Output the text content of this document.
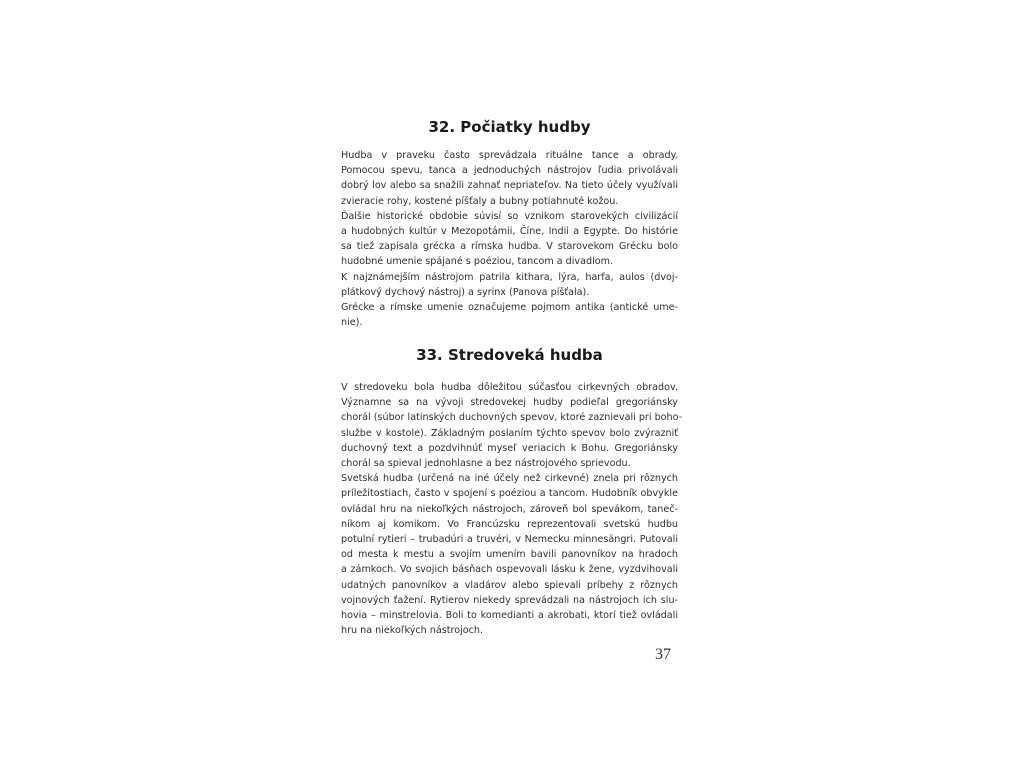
32. Počiatky hudby
Hudba v praveku často sprevádzala rituálne tance a obrady.
Pomocou spevu, tanca a jednoduchých nástrojov ľudia privolávali
dobrý lov alebo sa snažili zahnať nepriateľov. Na tieto účely využívali
zvieracie rohy, kostené píšťaly a bubny potiahnuté kožou.
Ďalšie historické obdobie súvisí so vznikom starovekých civilizácií
a hudobných kultúr v Mezopotámii, Číne, Indii a Egypte. Do histórie
sa tiež zapísala grécka a rímska hudba. V starovekom Grécku bolo
hudobné umenie spájané s poéziou, tancom a divadlom.
K najznámejším nástrojom patrila kithara, lýra, harfa, aulos (dvoj-
plátkový dychový nástroj) a syrinx (Panova píšťala).
Grécke a rímske umenie označujeme pojmom antika (antické ume-
nie).
33. Stredoveká hudba
V stredoveku bola hudba dôležitou súčasťou cirkevných obradov.
Významne sa na vývoji stredovekej hudby podieľal gregoriánsky
chorál (súbor latinských duchovných spevov, ktoré zaznievali pri boho-
službe v kostole). Základným poslaním týchto spevov bolo zvýrazniť
duchovný text a pozdvihnúť myseľ veriacich k Bohu. Gregoriánsky
chorál sa spieval jednohlasne a bez nástrojového sprievodu.
Svetská hudba (určená na iné účely než cirkevné) znela pri rôznych
príležitostiach, často v spojení s poéziou a tancom. Hudobník obvykle
ovládal hru na niekoľkých nástrojoch, zároveň bol spevákom, taneč-
níkom aj komikom. Vo Francúzsku reprezentovali svetskú hudbu
potulní rytieri – trubadúri a truvéri, v Nemecku minnesängri. Putovali
od mesta k mestu a svojím umením bavili panovníkov na hradoch
a zámkoch. Vo svojich básňach ospevovali lásku k žene, vyzdvihovali
udatných panovníkov a vladárov alebo spievali príbehy z rôznych
vojnových ťažení. Rytierov niekedy sprevádzali na nástrojoch ich slu-
hovia – minstrelovia. Boli to komedianti a akrobati, ktorí tiež ovládali
hru na niekoľkých nástrojoch.
37
